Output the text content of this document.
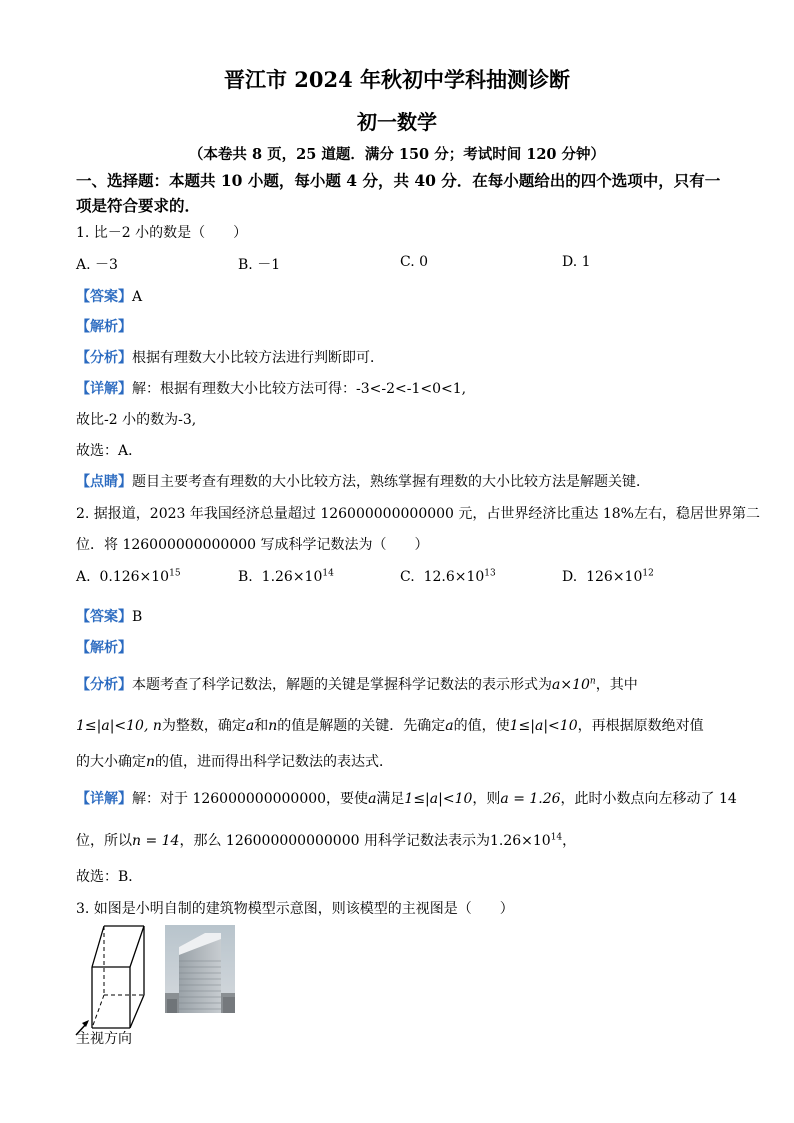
晋江市 2024 年秋初中学科抽测诊断
初一数学
（本卷共 8 页，25 道题．满分 150 分；考试时间 120 分钟）
一、选择题：本题共 10 小题，每小题 4 分，共 40 分．在每小题给出的四个选项中，只有一
项是符合要求的．
1. 比－2 小的数是（　　）
A. －3	B. －1	C. 0	D. 1
【答案】A
【解析】
【分析】根据有理数大小比较方法进行判断即可．
【详解】解：根据有理数大小比较方法可得：-3<-2<-1<0<1,
故比-2 小的数为-3,
故选：A．
【点睛】题目主要考查有理数的大小比较方法，熟练掌握有理数的大小比较方法是解题关键．
2. 据报道，2023 年我国经济总量超过 126000000000000 元，占世界经济比重达 18%左右，稳居世界第二
位．将 126000000000000 写成科学记数法为（　　）
A. $0.126\times 10^{15}$	B. $1.26\times 10^{14}$	C. $12.6\times 10^{13}$	D. $126\times 10^{12}$
【答案】B
【解析】
【分析】本题考查了科学记数法，解题的关键是掌握科学记数法的表示形式为$a\times 10^n$，其中
1≤|a|<10, n为整数，确定a和n的值是解题的关键．先确定a的值，使1≤|a|<10，再根据原数绝对值
的大小确定n的值，进而得出科学记数法的表达式．
【详解】解：对于 126000000000000，要使a满足1≤|a|<10，则a = 1.26，此时小数点向左移动了 14
位，所以n = 14，那么 126000000000000 用科学记数法表示为$1.26\times 10^{14}$，
故选：B．
3. 如图是小明自制的建筑物模型示意图，则该模型的主视图是（　　）
主视方向
